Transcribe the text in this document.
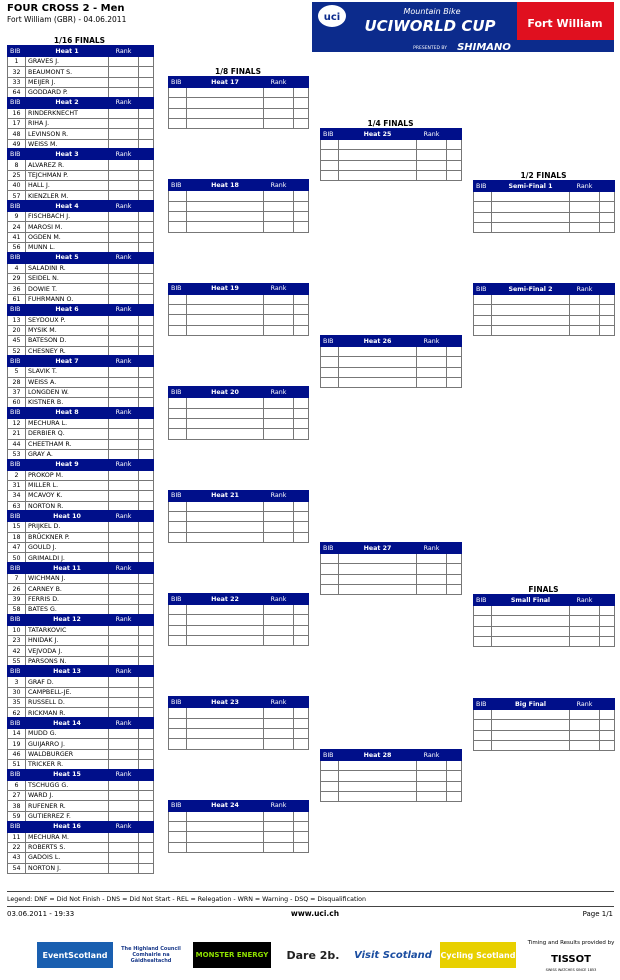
FOUR CROSS 2 - Men
Fort William (GBR) - 04.06.2011	uci
Mountain Bike
UCIWORLD CUP	Fort William
PRESENTED BY SHIMANO
1/16 FINALS
1/8 FINALS
1/4 FINALS
1/2 FINALS
FINALS
BIB	Heat 1	Rank	
1	GRAVES J.		
32	BEAUMONT S.		
33	MEIJER J.		
64	GODDARD P.		
BIB	Heat 2	Rank	
16	RINDERKNECHT		
17	RIHA J.		
48	LEVINSON R.		
49	WEISS M.		
BIB	Heat 3	Rank	
8	ALVAREZ R.		
25	TEJCHMAN P.		
40	HALL J.		
57	KIENZLER M.		
BIB	Heat 4	Rank	
9	FISCHBACH J.		
24	MAROSI M.		
41	OGDEN M.		
56	MUNN L.		
BIB	Heat 5	Rank	
4	SALADINI R.		
29	SEIDEL N.		
36	DOWIE T.		
61	FUHRMANN O.		
BIB	Heat 6	Rank	
13	SEYDOUX P.		
20	MYSIK M.		
45	BATESON D.		
52	CHESNEY R.		
BIB	Heat 7	Rank	
5	SLAVIK T.		
28	WEISS A.		
37	LONGDEN W.		
60	KISTNER B.		
BIB	Heat 8	Rank	
12	MECHURA L.		
21	DERBIER Q.		
44	CHEETHAM R.		
53	GRAY A.		
BIB	Heat 9	Rank	
2	PROKOP M.		
31	MILLER L.		
34	MCAVOY K.		
63	NORTON R.		
BIB	Heat 10	Rank	
15	PRIJKEL D.		
18	BRÜCKNER P.		
47	GOULD J.		
50	GRIMALDI J.		
BIB	Heat 11	Rank	
7	WICHMAN J.		
26	CARNEY B.		
39	FERRIS D.		
58	BATES G.		
BIB	Heat 12	Rank	
10	TATARKOVIC		
23	HNIDAK J.		
42	VEJVODA J.		
55	PARSONS N.		
BIB	Heat 13	Rank	
3	GRAF D.		
30	CAMPBELL-JE.		
35	RUSSELL D.		
62	RICKMAN R.		
BIB	Heat 14	Rank	
14	MUDD G.		
19	GUIJARRO J.		
46	WALDBURGER		
51	TRICKER R.		
BIB	Heat 15	Rank	
6	TSCHUGG G.		
27	WARD J.		
38	RUFENER R.		
59	GUTIERREZ F.		
BIB	Heat 16	Rank	
11	MECHURA M.		
22	ROBERTS S.		
43	GADOIS L.		
54	NORTON J.		
BIB	Heat 17	Rank	

BIB	Heat 18	Rank	

BIB	Heat 19	Rank	

BIB	Heat 20	Rank	

BIB	Heat 21	Rank	

BIB	Heat 22	Rank	

BIB	Heat 23	Rank	

BIB	Heat 24	Rank	

BIB	Heat 25	Rank	

BIB	Heat 26	Rank	

BIB	Heat 27	Rank	

BIB	Heat 28	Rank	

BIB	Semi-Final 1	Rank	

BIB	Semi-Final 2	Rank	

BIB	Small Final	Rank	

BIB	Big Final	Rank	

Legend: DNF = Did Not Finish - DNS = Did Not Start - REL = Relegation - WRN = Warning - DSQ = Disqualification
03.06.2011 - 19:33	www.uci.ch	Page 1/1
EventScotland
The Highland Council Comhairle na Gàidhealtachd
MONSTER ENERGY	Dare 2b.	Visit Scotland Cycling Scotland
Timing and Results provided by
TISSOT
SWISS WATCHES SINCE 1853
